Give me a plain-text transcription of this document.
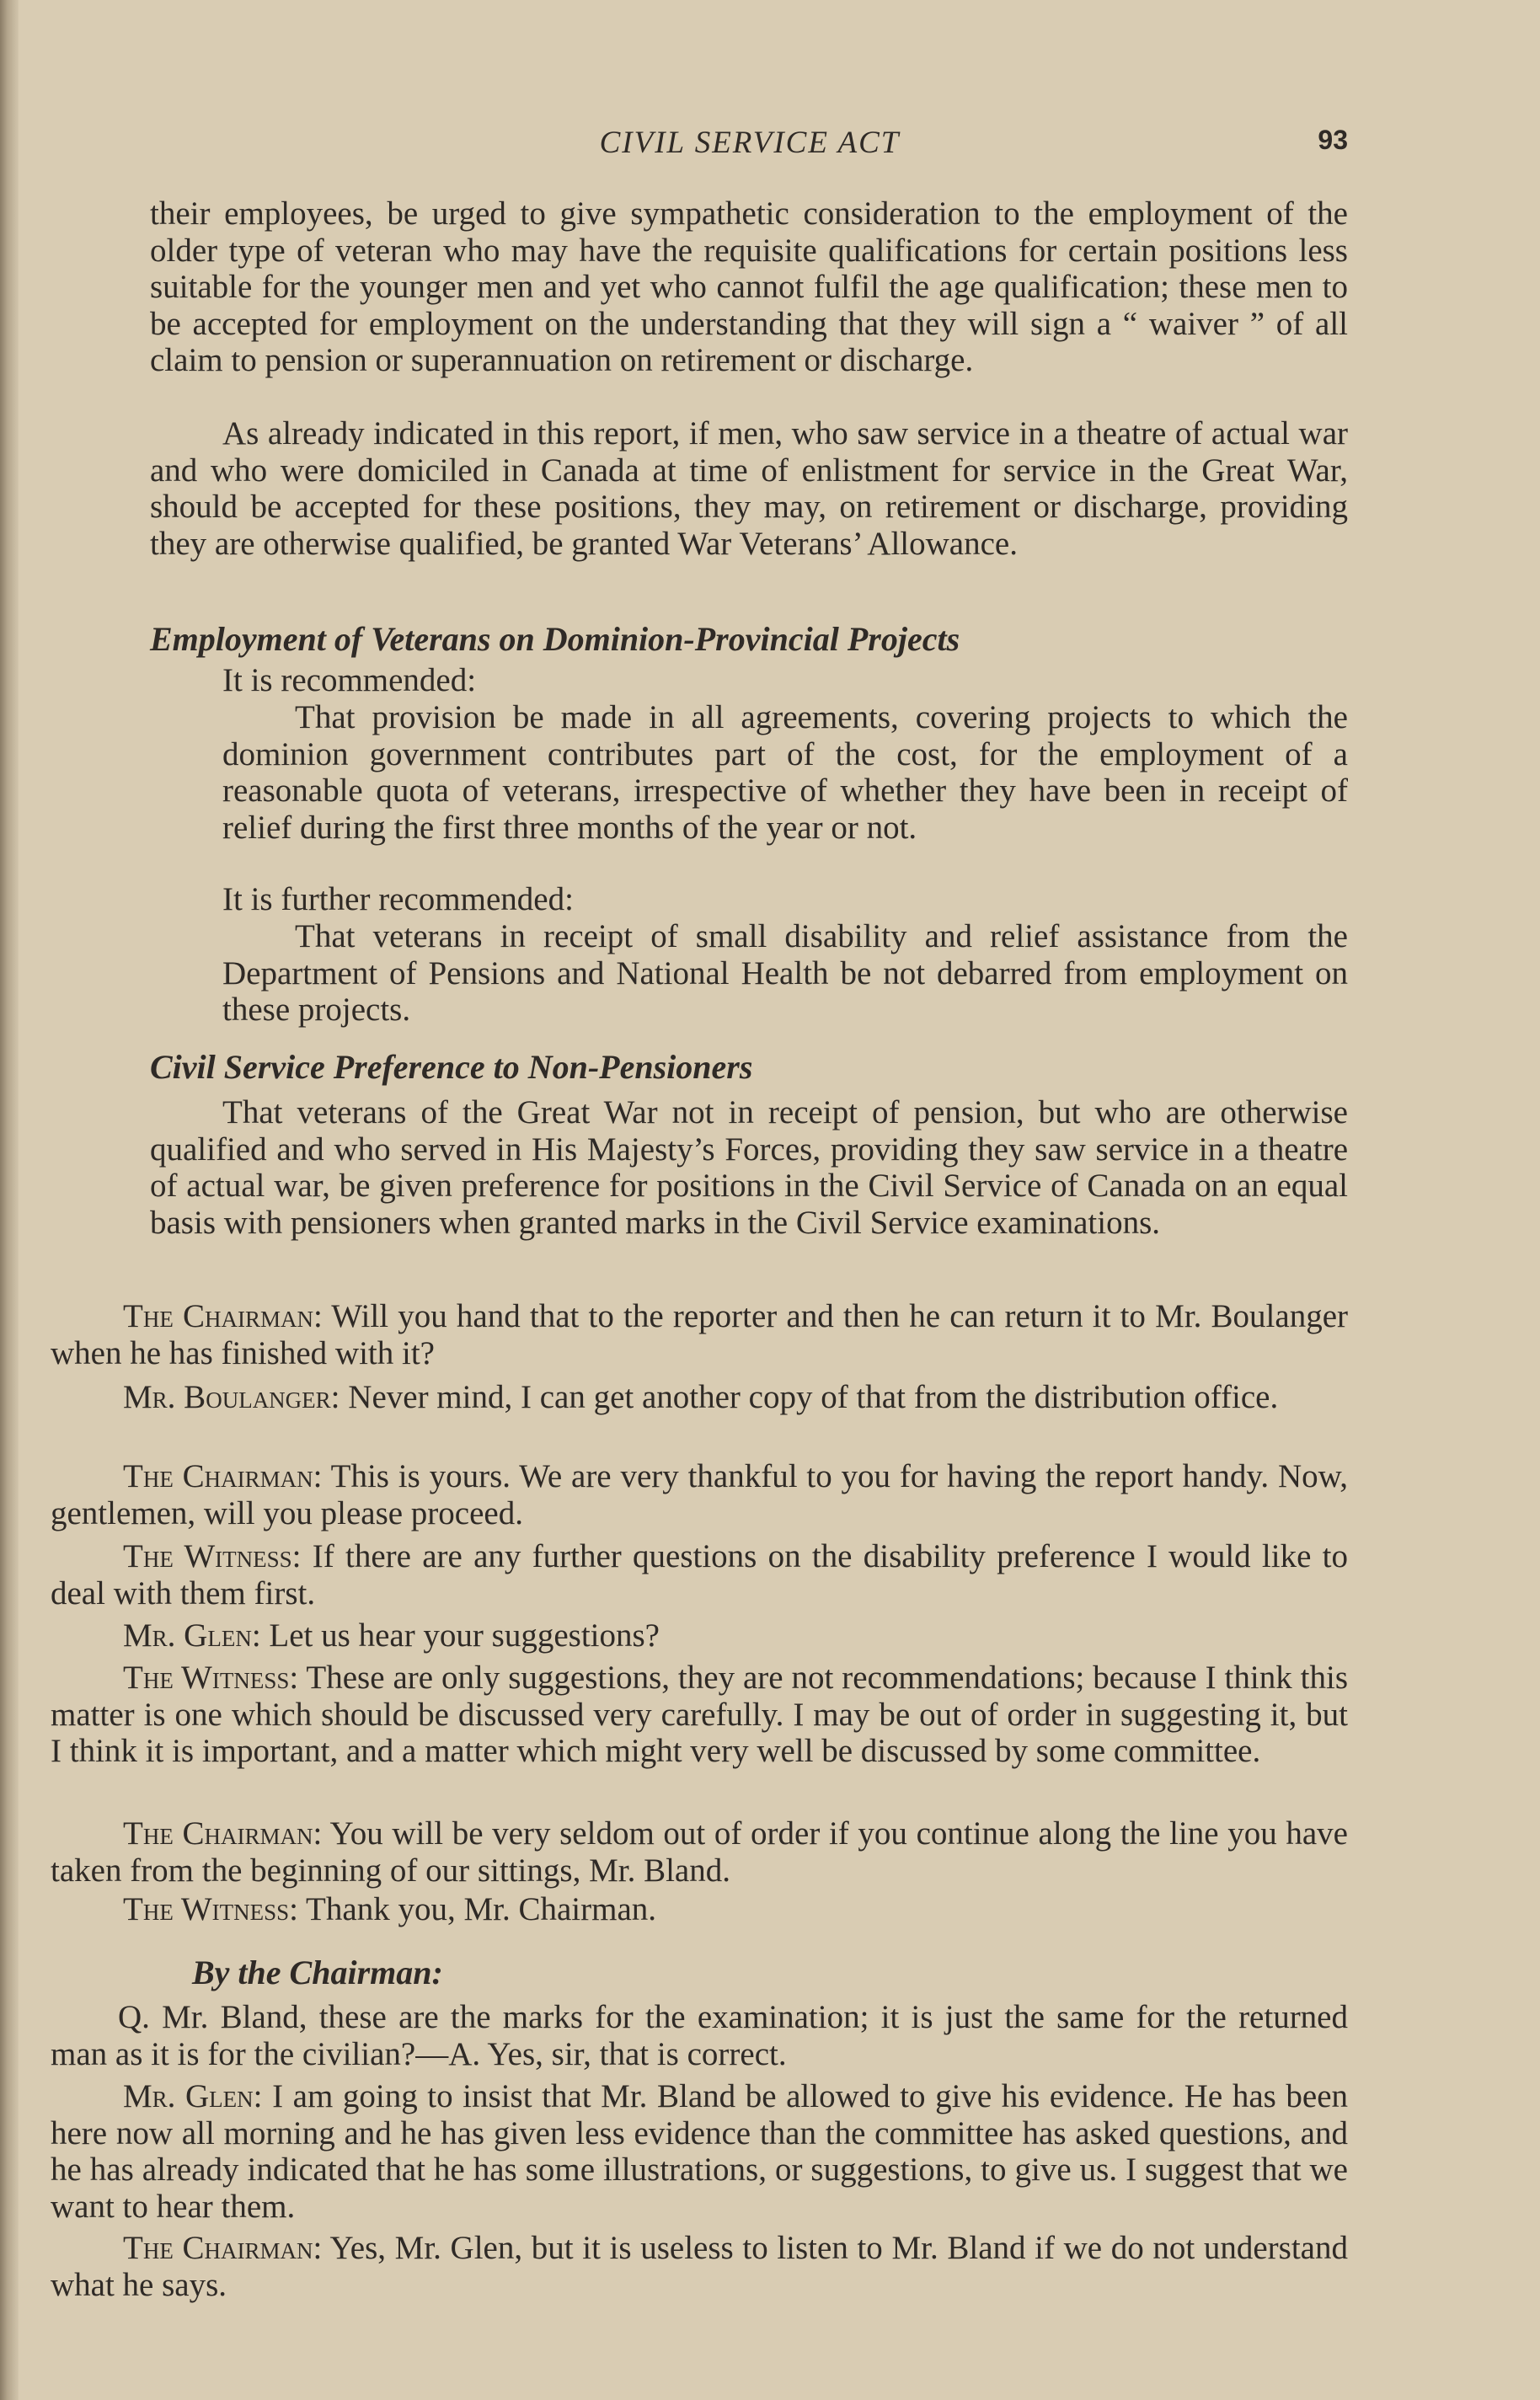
CIVIL SERVICE ACT	93

their employees, be urged to give sympathetic consideration to the employment of the older type of veteran who may have the requisite qualifications for certain positions less suitable for the younger men and yet who cannot fulfil the age qualification; these men to be accepted for employment on the understanding that they will sign a “ waiver ” of all claim to pension or superannuation on retirement or discharge.

As already indicated in this report, if men, who saw service in a theatre of actual war and who were domiciled in Canada at time of enlistment for service in the Great War, should be accepted for these positions, they may, on retirement or discharge, providing they are otherwise qualified, be granted War Veterans’ Allowance.

Employment of Veterans on Dominion-Provincial Projects

It is recommended:

That provision be made in all agreements, covering projects to which the dominion government contributes part of the cost, for the employment of a reasonable quota of veterans, irrespective of whether they have been in receipt of relief during the first three months of the year or not.

It is further recommended:

That veterans in receipt of small disability and relief assistance from the Department of Pensions and National Health be not debarred from employment on these projects.

Civil Service Preference to Non-Pensioners

That veterans of the Great War not in receipt of pension, but who are otherwise qualified and who served in His Majesty’s Forces, providing they saw service in a theatre of actual war, be given preference for positions in the Civil Service of Canada on an equal basis with pensioners when granted marks in the Civil Service examinations.

The Chairman: Will you hand that to the reporter and then he can return it to Mr. Boulanger when he has finished with it?

Mr. Boulanger: Never mind, I can get another copy of that from the distribution office.

The Chairman: This is yours. We are very thankful to you for having the report handy. Now, gentlemen, will you please proceed.

The Witness: If there are any further questions on the disability preference I would like to deal with them first.

Mr. Glen: Let us hear your suggestions?

The Witness: These are only suggestions, they are not recommendations; because I think this matter is one which should be discussed very carefully. I may be out of order in suggesting it, but I think it is important, and a matter which might very well be discussed by some committee.

The Chairman: You will be very seldom out of order if you continue along the line you have taken from the beginning of our sittings, Mr. Bland.

The Witness: Thank you, Mr. Chairman.

By the Chairman:

Q. Mr. Bland, these are the marks for the examination; it is just the same for the returned man as it is for the civilian?—A. Yes, sir, that is correct.

Mr. Glen: I am going to insist that Mr. Bland be allowed to give his evidence. He has been here now all morning and he has given less evidence than the committee has asked questions, and he has already indicated that he has some illustrations, or suggestions, to give us. I suggest that we want to hear them.

The Chairman: Yes, Mr. Glen, but it is useless to listen to Mr. Bland if we do not understand what he says.
